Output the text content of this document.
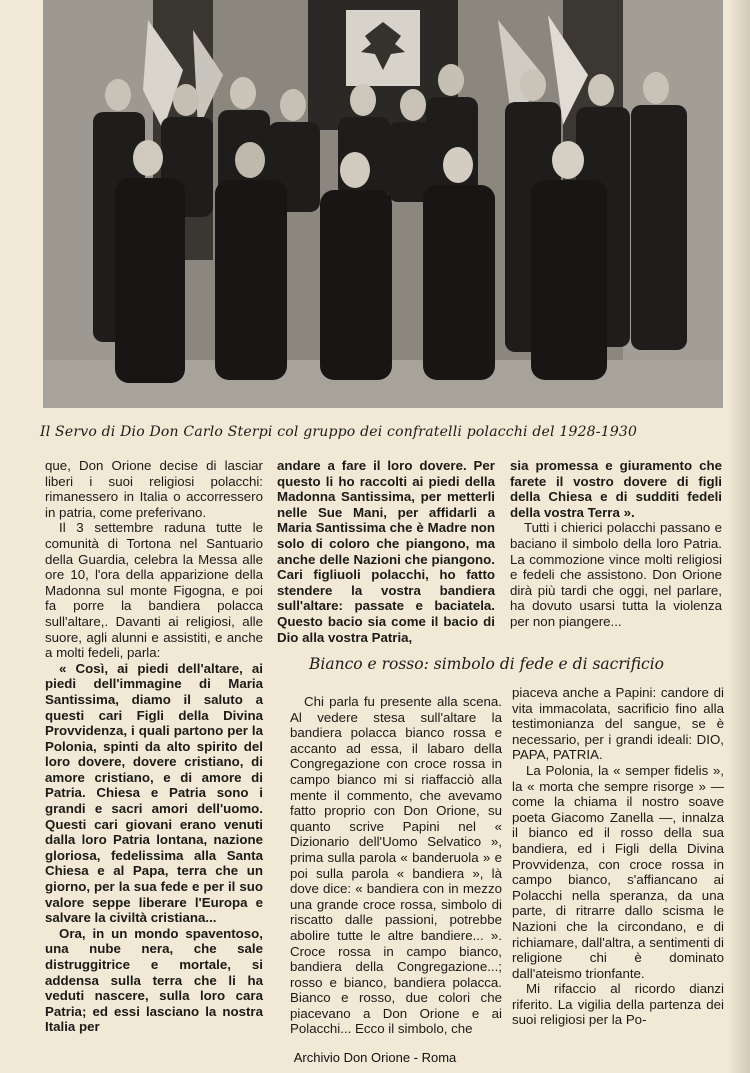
Il Servo di Dio Don Carlo Sterpi col gruppo dei confratelli polacchi del 1928-1930

que, Don Orione decise di lasciar liberi i suoi religiosi polacchi: rimanessero in Italia o accorressero in patria, come preferivano.

Il 3 settembre raduna tutte le comunità di Tortona nel Santuario della Guardia, celebra la Messa alle ore 10, l'ora della apparizione della Madonna sul monte Figogna, e poi fa porre la bandiera polacca sull'altare,. Davanti ai religiosi, alle suore, agli alunni e assistiti, e anche a molti fedeli, parla:

« Così, ai piedi dell'altare, ai piedi dell'immagine di Maria Santissima, diamo il saluto a questi cari Figli della Divina Provvidenza, i quali partono per la Polonia, spinti da alto spirito del loro dovere, dovere cristiano, di amore cristiano, e di amore di Patria. Chiesa e Patria sono i grandi e sacri amori dell'uomo. Questi cari giovani erano venuti dalla loro Patria lontana, nazione gloriosa, fedelissima alla Santa Chiesa e al Papa, terra che un giorno, per la sua fede e per il suo valore seppe liberare l'Europa e salvare la civiltà cristiana...

Ora, in un mondo spaventoso, una nube nera, che sale distruggitrice e mortale, si addensa sulla terra che li ha veduti nascere, sulla loro cara Patria; ed essi lasciano la nostra Italia per

andare a fare il loro dovere. Per questo li ho raccolti ai piedi della Madonna Santissima, per metterli nelle Sue Mani, per affidarli a Maria Santissima che è Madre non solo di coloro che piangono, ma anche delle Nazioni che piangono. Cari figliuoli polacchi, ho fatto stendere la vostra bandiera sull'altare: passate e baciatela. Questo bacio sia come il bacio di Dio alla vostra Patria,

sia promessa e giuramento che farete il vostro dovere di figli della Chiesa e di sudditi fedeli della vostra Terra ».

Tutti i chierici polacchi passano e baciano il simbolo della loro Patria. La commozione vince molti religiosi e fedeli che assistono. Don Orione dirà più tardi che oggi, nel parlare, ha dovuto usarsi tutta la violenza per non piangere...

Bianco e rosso: simbolo di fede e di sacrificio

Chi parla fu presente alla scena. Al vedere stesa sull'altare la bandiera polacca bianco rossa e accanto ad essa, il labaro della Congregazione con croce rossa in campo bianco mi si riaffacciò alla mente il commento, che avevamo fatto proprio con Don Orione, su quanto scrive Papini nel « Dizionario dell'Uomo Selvatico », prima sulla parola « banderuola » e poi sulla parola « bandiera », là dove dice: « bandiera con in mezzo una grande croce rossa, simbolo di riscatto dalle passioni, potrebbe abolire tutte le altre bandiere... ». Croce rossa in campo bianco, bandiera della Congregazione...; rosso e bianco, bandiera polacca. Bianco e rosso, due colori che piacevano a Don Orione e ai Polacchi... Ecco il simbolo, che

piaceva anche a Papini: candore di vita immacolata, sacrificio fino alla testimonianza del sangue, se è necessario, per i grandi ideali: DIO, PAPA, PATRIA.

La Polonia, la « semper fidelis », la « morta che sempre risorge » — come la chiama il nostro soave poeta Giacomo Zanella —, innalza il bianco ed il rosso della sua bandiera, ed i Figli della Divina Provvidenza, con croce rossa in campo bianco, s'affiancano ai Polacchi nella speranza, da una parte, di ritrarre dallo scisma le Nazioni che la circondano, e di richiamare, dall'altra, a sentimenti di religione chi è dominato dall'ateismo trionfante.

Mi rifaccio al ricordo dianzi riferito. La vigilia della partenza dei suoi religiosi per la Po-

Archivio Don Orione - Roma
